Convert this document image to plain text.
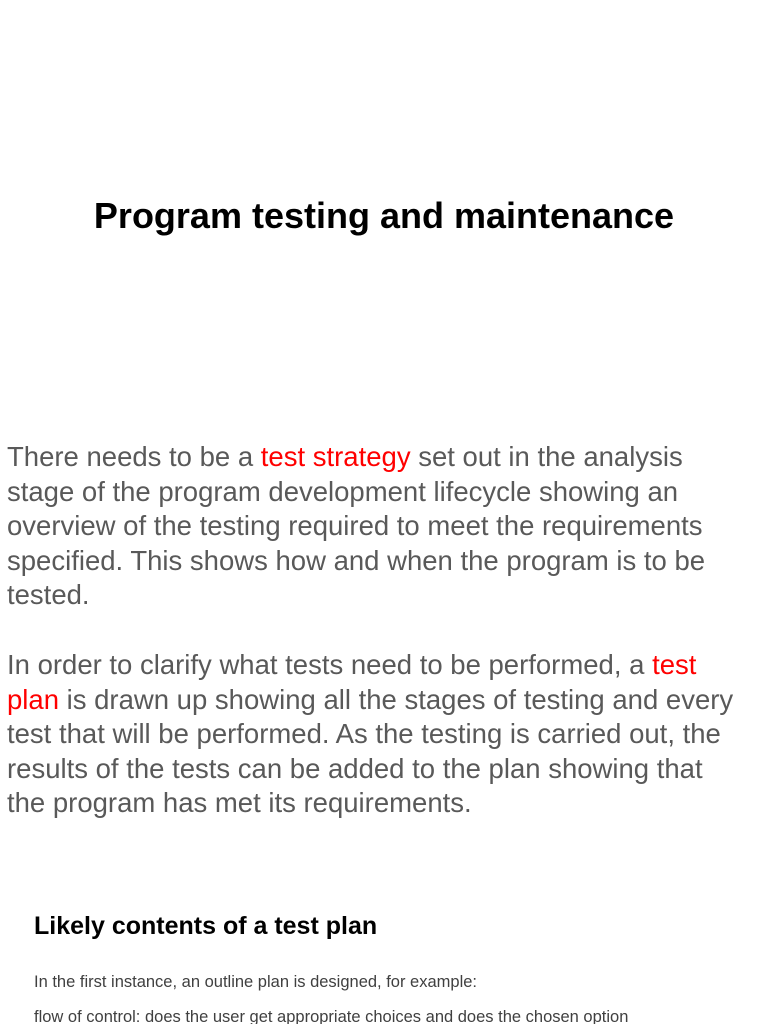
Program testing and maintenance

There needs to be a test strategy set out in the analysis stage of the program development lifecycle showing an overview of the testing required to meet the requirements specified. This shows how and when the program is to be tested.

In order to clarify what tests need to be performed, a test plan is drawn up showing all the stages of testing and every test that will be performed. As the testing is carried out, the results of the tests can be added to the plan showing that the program has met its requirements.

Likely contents of a test plan

In the first instance, an outline plan is designed, for example:

flow of control: does the user get appropriate choices and does the chosen option
